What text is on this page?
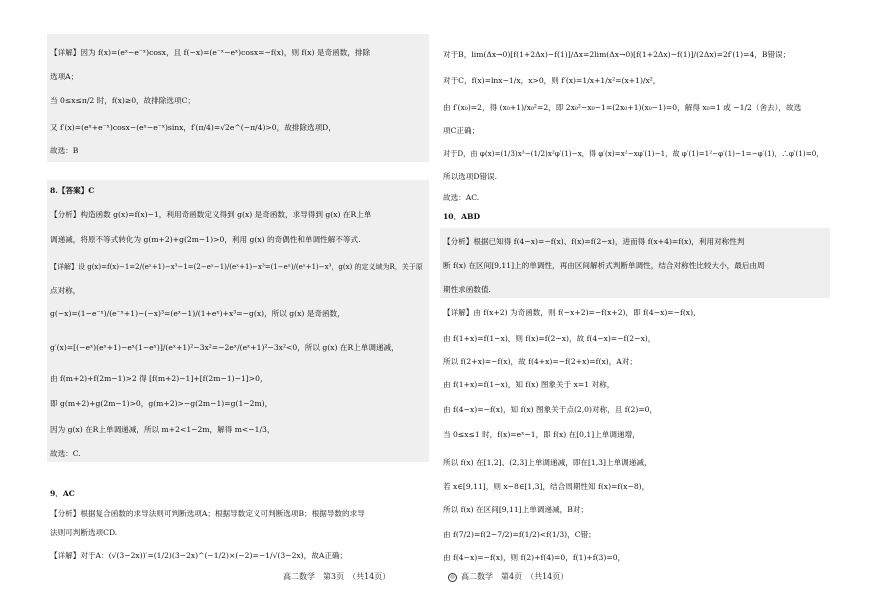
【详解】因为 f(x)=(eˣ−e⁻ˣ)cosx，且 f(−x)=(e⁻ˣ−eˣ)cosx=−f(x)，则 f(x) 是奇函数，排除
选项A；
当 0≤x≤π/2 时，f(x)≥0，故排除选项C；
又 f′(x)=(eˣ+e⁻ˣ)cosx−(eˣ−e⁻ˣ)sinx，f′(π/4)=√2e^(−π/4)>0，故排除选项D，
故选：B
8.【答案】C
【分析】构造函数 g(x)=f(x)−1，利用奇函数定义得到 g(x) 是奇函数，求导得到 g(x) 在R上单
调递减，将原不等式转化为 g(m+2)+g(2m−1)>0，利用 g(x) 的奇偶性和单调性解不等式.
【详解】设 g(x)=f(x)−1=2/(eˣ+1)−x³−1=(2−eˣ−1)/(eˣ+1)−x³=(1−eˣ)/(eˣ+1)−x³，g(x) 的定义域为R，关于原
点对称，
g(−x)=(1−e⁻ˣ)/(e⁻ˣ+1)−(−x)³=(eˣ−1)/(1+eˣ)+x³=−g(x)，所以 g(x) 是奇函数，
g′(x)=[(−eˣ)(eˣ+1)−eˣ(1−eˣ)]/(eˣ+1)²−3x²=−2eˣ/(eˣ+1)²−3x²<0，所以 g(x) 在R上单调递减，
由 f(m+2)+f(2m−1)>2 得 [f(m+2)−1]+[f(2m−1)−1]>0，
即 g(m+2)+g(2m−1)>0，g(m+2)>−g(2m−1)=g(1−2m)，
因为 g(x) 在R上单调递减，所以 m+2<1−2m，解得 m<−1/3，
故选：C.
9．AC
【分析】根据复合函数的求导法则可判断选项A；根据导数定义可判断选项B；根据导数的求导
法则可判断选项CD.
【详解】对于A：(√(3−2x))′=(1/2)(3−2x)^(−1/2)×(−2)=−1/√(3−2x)，故A正确；
高二数学　第3页　（共14页）
对于B，lim(Δx→0)[f(1+2Δx)−f(1)]/Δx=2lim(Δx→0)[f(1+2Δx)−f(1)]/(2Δx)=2f′(1)=4，B错误；
对于C，f(x)=lnx−1/x，x>0，则 f′(x)=1/x+1/x²=(x+1)/x²，
由 f′(x₀)=2，得 (x₀+1)/x₀²=2，即 2x₀²−x₀−1=(2x₀+1)(x₀−1)=0，解得 x₀=1 或 −1/2（舍去），故选
项C正确；
对于D，由 φ(x)=(1/3)x³−(1/2)x²φ′(1)−x，得 φ′(x)=x²−xφ′(1)−1，故 φ′(1)=1²−φ′(1)−1=−φ′(1)，∴φ′(1)=0，
所以选项D错误.
故选：AC.
10．ABD
【分析】根据已知得 f(4−x)=−f(x)、f(x)=f(2−x)，进而得 f(x+4)=f(x)，利用对称性判
断 f(x) 在区间[9,11]上的单调性，再由区间解析式判断单调性，结合对称性比较大小，最后由周
期性求函数值.
【详解】由 f(x+2) 为奇函数，则 f(−x+2)=−f(x+2)，即 f(4−x)=−f(x)，
由 f(1+x)=f(1−x)，则 f(x)=f(2−x)，故 f(4−x)=−f(2−x)，
所以 f(2+x)=−f(x)，故 f(4+x)=−f(2+x)=f(x)，A对；
由 f(1+x)=f(1−x)，知 f(x) 图象关于 x=1 对称，
由 f(4−x)=−f(x)，知 f(x) 图象关于点(2,0)对称，且 f(2)=0，
当 0≤x≤1 时，f(x)=eˣ−1，即 f(x) 在[0,1]上单调递增，
所以 f(x) 在[1,2]、(2,3]上单调递减，即在[1,3]上单调递减，
若 x∈[9,11]，则 x−8∈[1,3]，结合周期性知 f(x)=f(x−8)，
所以 f(x) 在区间[9,11]上单调递减，B对；
由 f(7/2)=f(2−7/2)=f(1/2)<f(1/3)，C错；
由 f(4−x)=−f(x)，则 f(2)+f(4)=0，f(1)+f(3)=0，
◎ 高二数学　第4页　（共14页）
